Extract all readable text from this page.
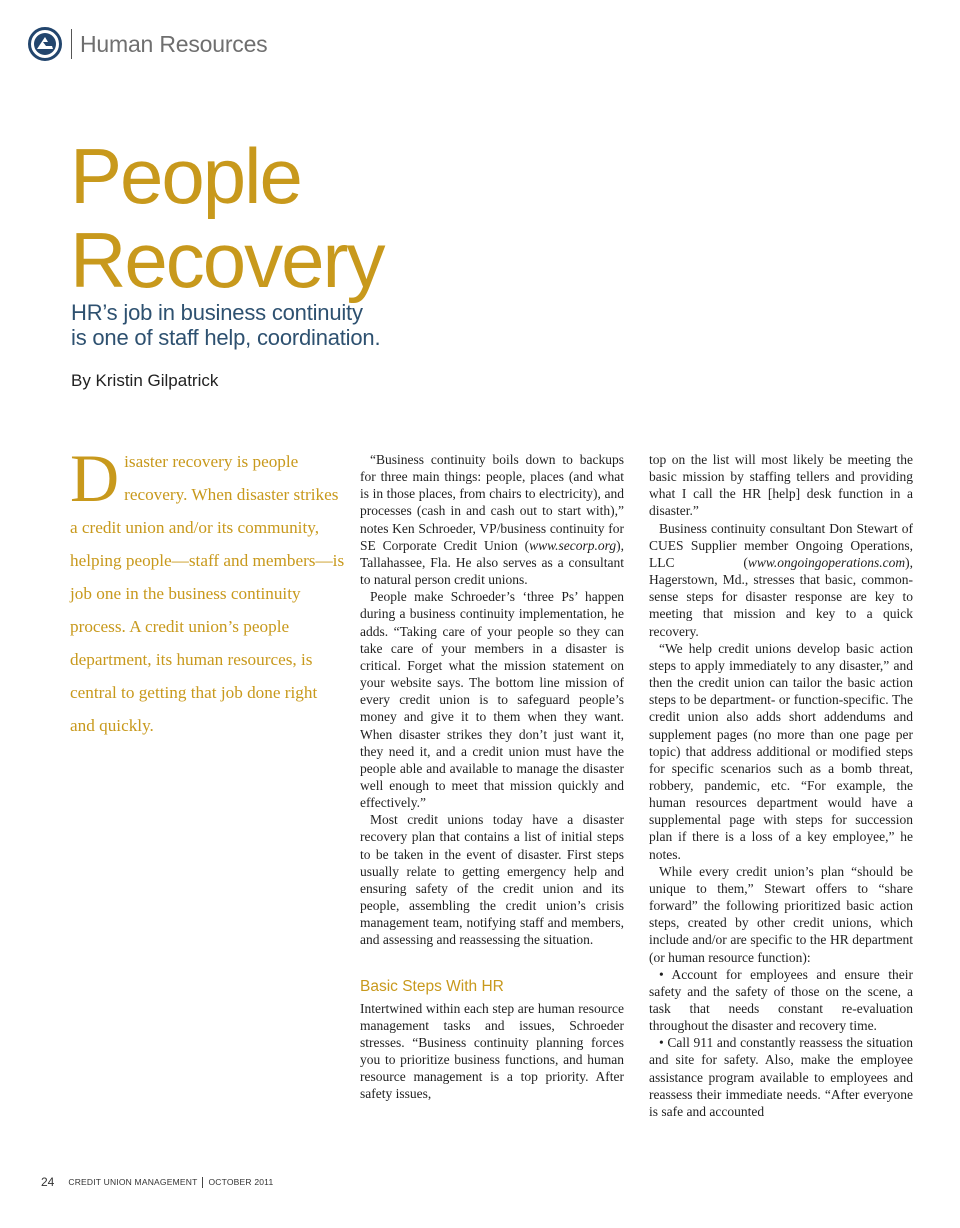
Human Resources
People
Recovery
HR’s job in business continuity
is one of staff help, coordination.
By Kristin Gilpatrick
Disaster recovery is people recovery. When disaster strikes a credit union and/or its community, helping people—staff and members—is job one in the business continuity process. A credit union’s people department, its human resources, is central to getting that job done right and quickly.

“Business continuity boils down to backups for three main things: people, places (and what is in those places, from chairs to electricity), and processes (cash in and cash out to start with),” notes Ken Schroeder, VP/business continuity for SE Corporate Credit Union (www.secorp.org), Tallahassee, Fla. He also serves as a consultant to natural person credit unions.

People make Schroeder’s ‘three Ps’ happen during a business continuity implementation, he adds. “Taking care of your people so they can take care of your members in a disaster is critical. Forget what the mission statement on your website says. The bottom line mission of every credit union is to safeguard people’s money and give it to them when they want. When disaster strikes they don’t just want it, they need it, and a credit union must have the people able and available to manage the disaster well enough to meet that mission quickly and effectively.”

Most credit unions today have a disaster recovery plan that contains a list of initial steps to be taken in the event of disaster. First steps usually relate to getting emergency help and ensuring safety of the credit union and its people, assembling the credit union’s crisis management team, notifying staff and members, and assessing and reassessing the situation.

Basic Steps With HR

Intertwined within each step are human resource management tasks and issues, Schroeder stresses. “Business continuity planning forces you to prioritize business functions, and human resource management is a top priority. After safety issues,

top on the list will most likely be meeting the basic mission by staffing tellers and providing what I call the HR [help] desk function in a disaster.”

Business continuity consultant Don Stewart of CUES Supplier member Ongoing Operations, LLC (www.ongoingoperations.com), Hagerstown, Md., stresses that basic, common-sense steps for disaster response are key to meeting that mission and key to a quick recovery.

“We help credit unions develop basic action steps to apply immediately to any disaster,” and then the credit union can tailor the basic action steps to be department- or function-specific. The credit union also adds short addendums and supplement pages (no more than one page per topic) that address additional or modified steps for specific scenarios such as a bomb threat, robbery, pandemic, etc. “For example, the human resources department would have a supplemental page with steps for succession plan if there is a loss of a key employee,” he notes.

While every credit union’s plan “should be unique to them,” Stewart offers to “share forward” the following prioritized basic action steps, created by other credit unions, which include and/or are specific to the HR department (or human resource function):

• Account for employees and ensure their safety and the safety of those on the scene, a task that needs constant re-evaluation throughout the disaster and recovery time.

• Call 911 and constantly reassess the situation and site for safety. Also, make the employee assistance program available to employees and reassess their immediate needs. “After everyone is safe and accounted

24 CREDIT UNION MANAGEMENT OCTOBER 2011
